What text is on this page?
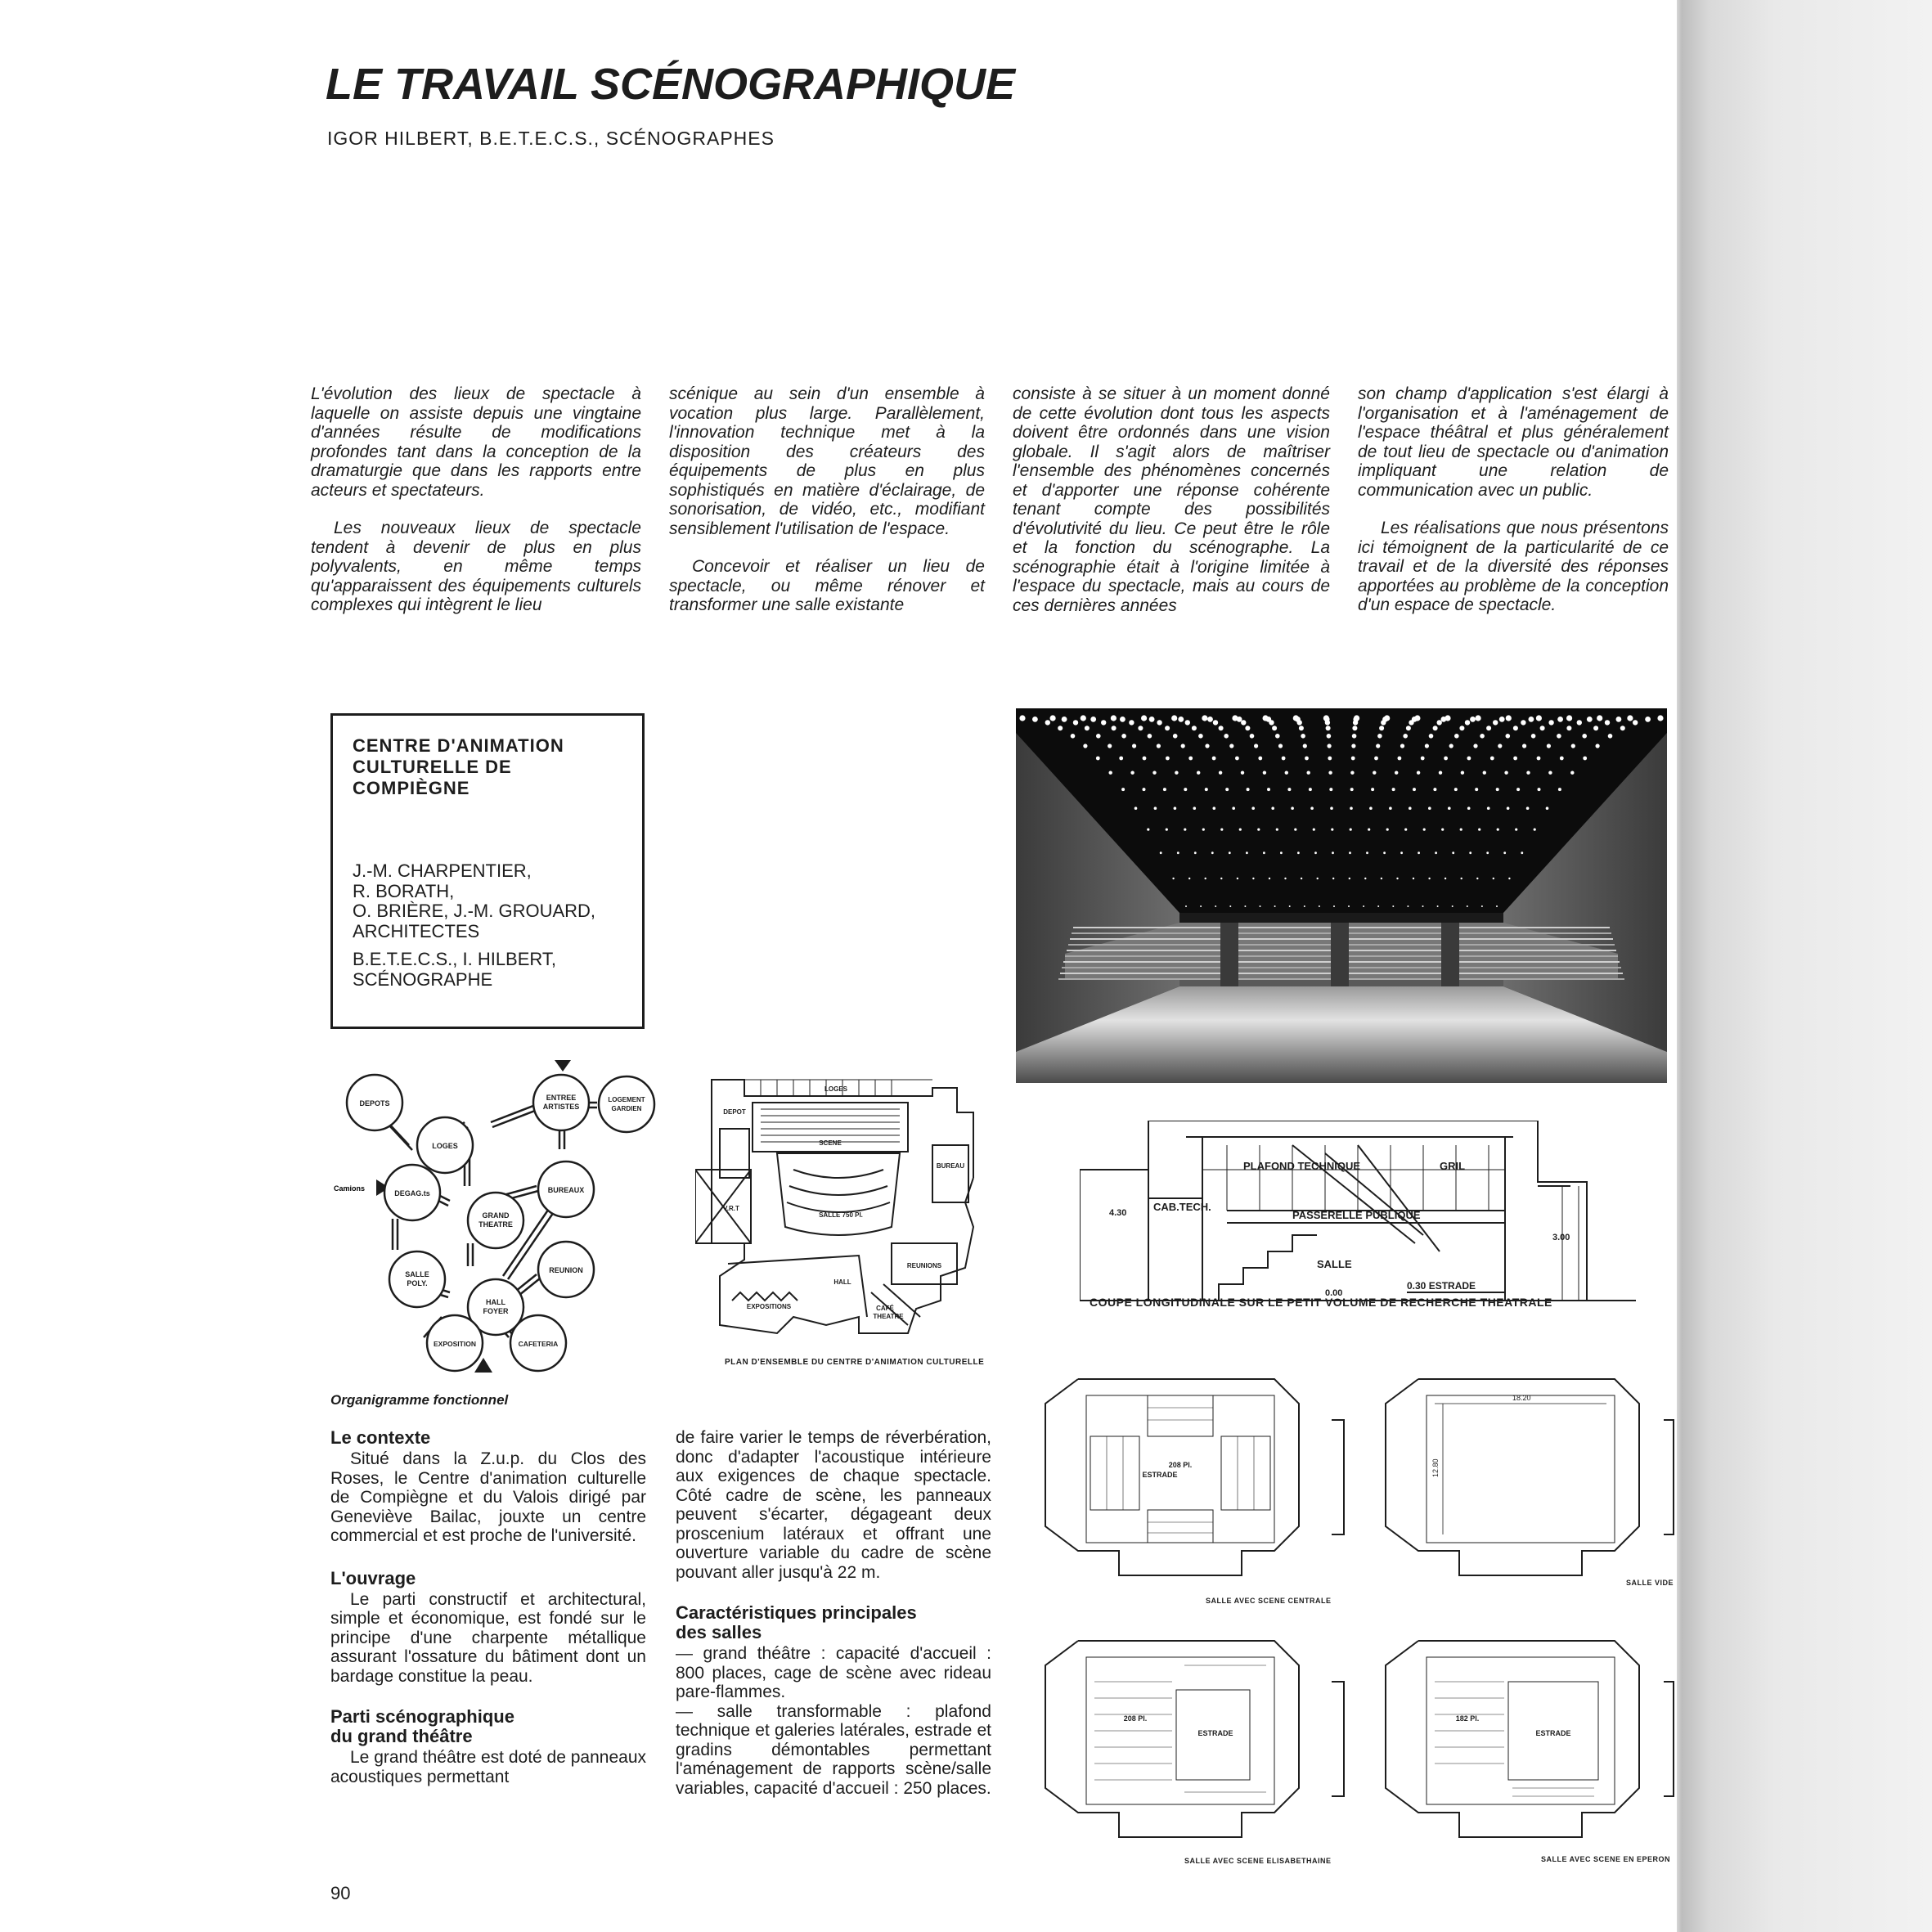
LE TRAVAIL SCÉNOGRAPHIQUE
IGOR HILBERT, B.E.T.E.C.S., SCÉNOGRAPHES

L'évolution des lieux de spectacle à laquelle on assiste depuis une vingtaine d'années résulte de modifications profondes tant dans la conception de la dramaturgie que dans les rapports entre acteurs et spectateurs.

Les nouveaux lieux de spectacle tendent à devenir de plus en plus polyvalents, en même temps qu'apparaissent des équipements culturels complexes qui intègrent le lieu

scénique au sein d'un ensemble à vocation plus large. Parallèlement, l'innovation technique met à la disposition des créateurs des équipements de plus en plus sophistiqués en matière d'éclairage, de sonorisation, de vidéo, etc., modifiant sensiblement l'utilisation de l'espace.

Concevoir et réaliser un lieu de spectacle, ou même rénover et transformer une salle existante

consiste à se situer à un moment donné de cette évolution dont tous les aspects doivent être ordonnés dans une vision globale. Il s'agit alors de maîtriser l'ensemble des phénomènes concernés et d'apporter une réponse cohérente tenant compte des possibilités d'évolutivité du lieu. Ce peut être le rôle et la fonction du scénographe. La scénographie était à l'origine limitée à l'espace du spectacle, mais au cours de ces dernières années

son champ d'application s'est élargi à l'organisation et à l'aménagement de l'espace théâtral et plus généralement de tout lieu de spectacle ou d'animation impliquant une relation de communication avec un public.

Les réalisations que nous présentons ici témoignent de la particularité de ce travail et de la diversité des réponses apportées au problème de la conception d'un espace de spectacle.

CENTRE D'ANIMATION
CULTURELLE DE
COMPIÈGNE
J.-M. CHARPENTIER,
R. BORATH,
O. BRIÈRE, J.-M. GROUARD,
ARCHITECTES
B.E.T.E.C.S., I. HILBERT,
SCÉNOGRAPHE
Camions
DEPOTS
LOGES
ENTREE
ARTISTES
LOGEMENT
GARDIEN
DEGAG.ts	BUREAUX
GRAND
THEATRE
SALLE
POLY.
REUNION
HALL
FOYER
EXPOSITION	CAFETERIA
Organigramme fonctionnel
LOGES
DEPOT
SCENE
BUREAU
V.R.T
SALLE 750 Pl.
HALL
REUNIONS
EXPOSITIONS	CAFÉ
THEATRE
PLAN D'ENSEMBLE DU CENTRE D'ANIMATION CULTURELLE
PLAFOND TECHNIQUE	GRIL
CAB.TECH.
PASSERELLE PUBLIQUE
SALLE
0.30 ESTRADE
4.30
3.00
0.00
COUPE LONGITUDINALE SUR LE PETIT VOLUME DE RECHERCHE THEATRALE
208 Pl.
ESTRADE
SALLE AVEC SCENE CENTRALE
18.20
12.80
SALLE VIDE
208 Pl.
ESTRADE
SALLE AVEC SCENE ELISABETHAINE
182 Pl.
ESTRADE
SALLE AVEC SCENE EN EPERON
Le contexte

Situé dans la Z.u.p. du Clos des Roses, le Centre d'animation culturelle de Compiègne et du Valois dirigé par Geneviève Bailac, jouxte un centre commercial et est proche de l'université.

L'ouvrage

Le parti constructif et architectural, simple et économique, est fondé sur le principe d'une charpente métallique assurant l'ossature du bâtiment dont un bardage constitue la peau.

Parti scénographique
du grand théâtre

Le grand théâtre est doté de panneaux acoustiques permettant

de faire varier le temps de réverbération, donc d'adapter l'acoustique intérieure aux exigences de chaque spectacle. Côté cadre de scène, les panneaux peuvent s'écarter, dégageant deux proscenium latéraux et offrant une ouverture variable du cadre de scène pouvant aller jusqu'à 22 m.

Caractéristiques principales
des salles

— grand théâtre : capacité d'accueil : 800 places, cage de scène avec rideau pare-flammes.

— salle transformable : plafond technique et galeries latérales, estrade et gradins démontables permettant l'aménagement de rapports scène/salle variables, capacité d'accueil : 250 places.

90
